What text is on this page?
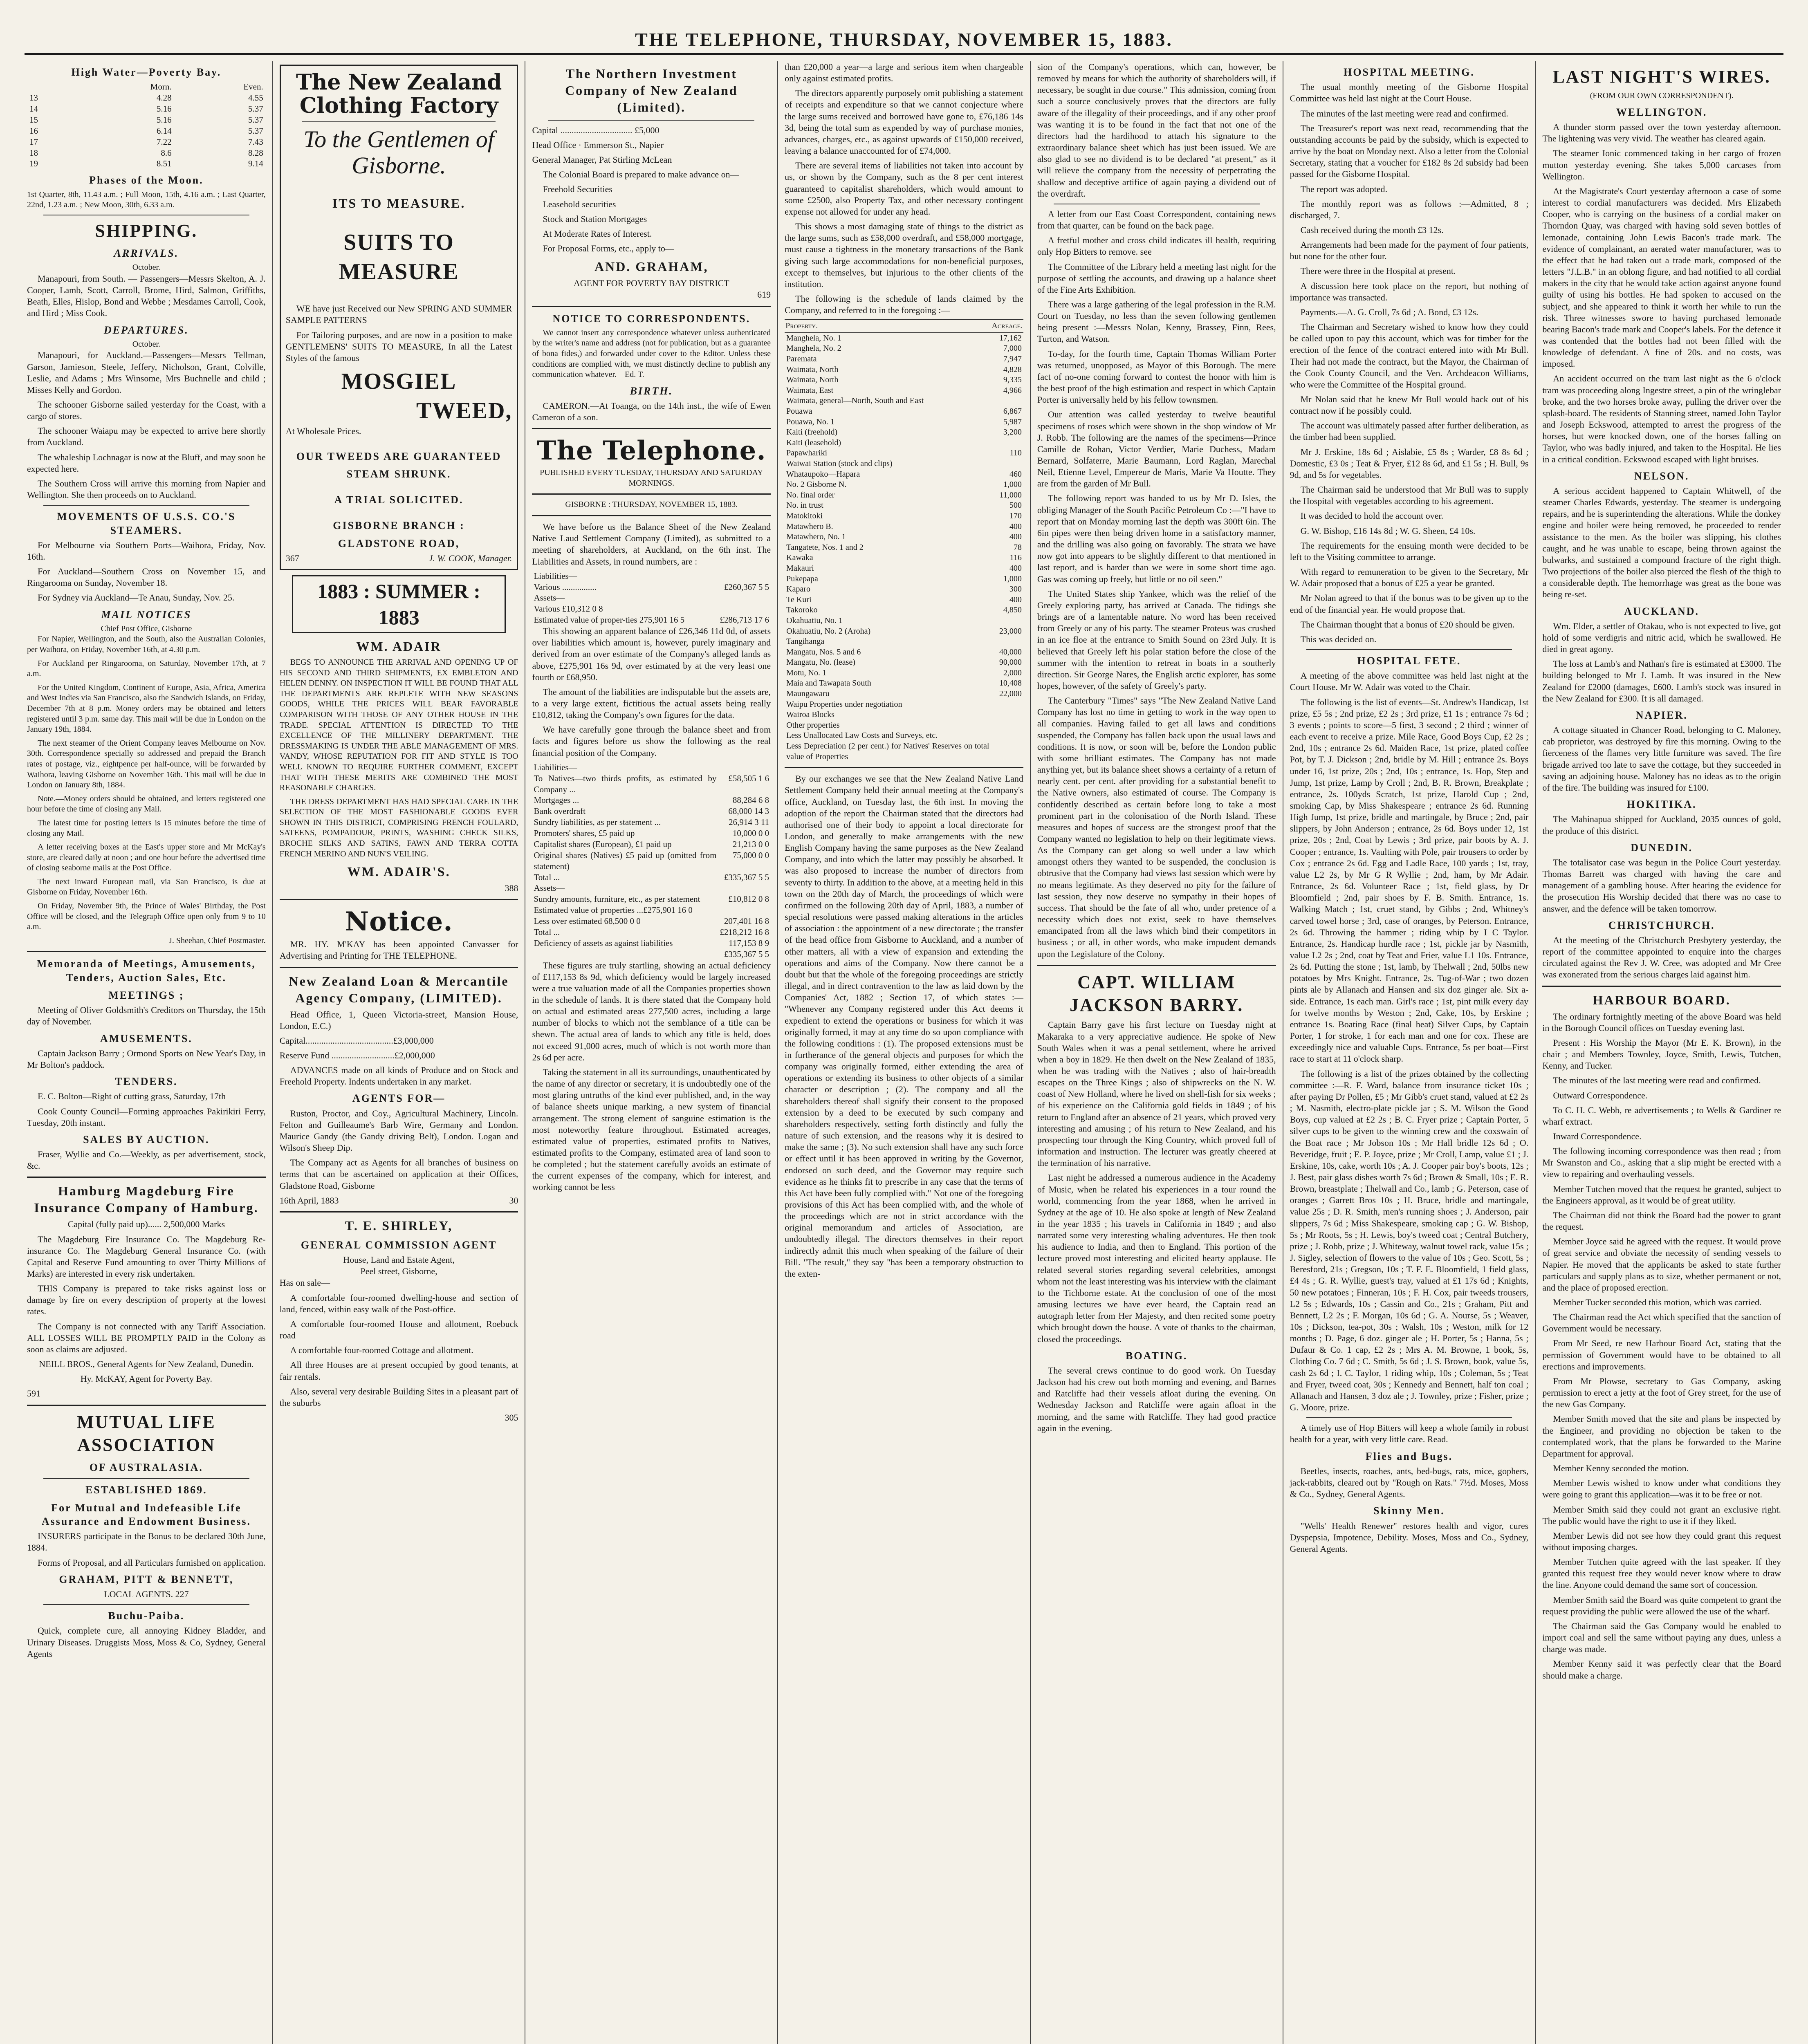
THE TELEPHONE, THURSDAY, NOVEMBER 15, 1883.
High Water—Poverty Bay.
	Morn.	Even.
13	4.28	4.55
14	5.16	5.37
15	5.16	5.37
16	6.14	5.37
17	7.22	7.43
18	8.6	8.28
19	8.51	9.14
Phases of the Moon.

1st Quarter, 8th, 11.43 a.m. ; Full Moon, 15th, 4.16 a.m. ; Last Quarter, 22nd, 1.23 a.m. ; New Moon, 30th, 6.33 a.m.

SHIPPING.
ARRIVALS.
October.

Manapouri, from South. — Passengers—Messrs Skelton, A. J. Cooper, Lamb, Scott, Carroll, Brome, Hird, Salmon, Griffiths, Beath, Elles, Hislop, Bond and Webbe ; Mesdames Carroll, Cook, and Hird ; Miss Cook.

DEPARTURES.
October.

Manapouri, for Auckland.—Passengers—Messrs Tellman, Garson, Jamieson, Steele, Jeffery, Nicholson, Grant, Colville, Leslie, and Adams ; Mrs Winsome, Mrs Buchnelle and child ; Misses Kelly and Gordon.

The schooner Gisborne sailed yesterday for the Coast, with a cargo of stores.

The schooner Waiapu may be expected to arrive here shortly from Auckland.

The whaleship Lochnagar is now at the Bluff, and may soon be expected here.

The Southern Cross will arrive this morning from Napier and Wellington. She then proceeds on to Auckland.

MOVEMENTS OF U.S.S. CO.'S STEAMERS.

For Melbourne via Southern Ports—Waihora, Friday, Nov. 16th.

For Auckland—Southern Cross on November 15, and Ringarooma on Sunday, November 18.

For Sydney via Auckland—Te Anau, Sunday, Nov. 25.

MAIL NOTICES
Chief Post Office, Gisborne

For Napier, Wellington, and the South, also the Australian Colonies, per Waihora, on Friday, November 16th, at 4.30 p.m.

For Auckland per Ringarooma, on Saturday, November 17th, at 7 a.m.

For the United Kingdom, Continent of Europe, Asia, Africa, America and West Indies via San Francisco, also the Sandwich Islands, on Friday, December 7th at 8 p.m. Money orders may be obtained and letters registered until 3 p.m. same day. This mail will be due in London on the January 19th, 1884.

The next steamer of the Orient Company leaves Melbourne on Nov. 30th. Correspondence specially so addressed and prepaid the Branch rates of postage, viz., eightpence per half-ounce, will be forwarded by Waihora, leaving Gisborne on November 16th. This mail will be due in London on January 8th, 1884.

Note.—Money orders should be obtained, and letters registered one hour before the time of closing any Mail.

The latest time for posting letters is 15 minutes before the time of closing any Mail.

A letter receiving boxes at the East's upper store and Mr McKay's store, are cleared daily at noon ; and one hour before the advertised time of closing seaborne mails at the Post Office.

The next inward European mail, via San Francisco, is due at Gisborne on Friday, November 16th.

On Friday, November 9th, the Prince of Wales' Birthday, the Post Office will be closed, and the Telegraph Office open only from 9 to 10 a.m.

J. Sheehan, Chief Postmaster.

Memoranda of Meetings, Amusements, Tenders, Auction Sales, Etc.
MEETINGS ;

Meeting of Oliver Goldsmith's Creditors on Thursday, the 15th day of November.

AMUSEMENTS.

Captain Jackson Barry ; Ormond Sports on New Year's Day, in Mr Bolton's paddock.

TENDERS.

E. C. Bolton—Right of cutting grass, Saturday, 17th

Cook County Council—Forming approaches Pakirikiri Ferry, Tuesday, 20th instant.

SALES BY AUCTION.

Fraser, Wyllie and Co.—Weekly, as per advertisement, stock, &c.

Hamburg Magdeburg Fire Insurance Company of Hamburg.

Capital (fully paid up)...... 2,500,000 Marks

The Magdeburg Fire Insurance Co. The Magdeburg Re-insurance Co. The Magdeburg General Insurance Co. (with Capital and Reserve Fund amounting to over Thirty Millions of Marks) are interested in every risk undertaken.

THIS Company is prepared to take risks against loss or damage by fire on every description of property at the lowest rates.

The Company is not connected with any Tariff Association. ALL LOSSES WILL BE PROMPTLY PAID in the Colony as soon as claims are adjusted.

NEILL BROS., General Agents for New Zealand, Dunedin.

Hy. McKAY, Agent for Poverty Bay.

591

MUTUAL LIFE ASSOCIATION
OF AUSTRALASIA.
ESTABLISHED 1869.
For Mutual and Indefeasible Life Assurance and Endowment Business.

INSURERS participate in the Bonus to be declared 30th June, 1884.

Forms of Proposal, and all Particulars furnished on application.

GRAHAM, PITT & BENNETT,
LOCAL AGENTS. 227
Buchu-Paiba.

Quick, complete cure, all annoying Kidney Bladder, and Urinary Diseases. Druggists Moss, Moss & Co, Sydney, General Agents

The New Zealand
Clothing Factory
To the Gentlemen of
Gisborne.
ITS TO MEASURE.
SUITS TO MEASURE

WE have just Received our New SPRING AND SUMMER SAMPLE PATTERNS

For Tailoring purposes, and are now in a position to make GENTLEMENS' SUITS TO MEASURE, In all the Latest Styles of the famous

MOSGIEL
TWEED,

At Wholesale Prices.

OUR TWEEDS ARE GUARANTEED
STEAM SHRUNK.
A TRIAL SOLICITED.
GISBORNE BRANCH :
GLADSTONE ROAD,
367	J. W. COOK, Manager.
1883 : SUMMER : 1883
WM. ADAIR

BEGS TO ANNOUNCE THE ARRIVAL AND OPENING UP OF HIS SECOND AND THIRD SHIPMENTS, EX EMBLETON AND HELEN DENNY. ON INSPECTION IT WILL BE FOUND THAT ALL THE DEPARTMENTS ARE REPLETE WITH NEW SEASONS GOODS, WHILE THE PRICES WILL BEAR FAVORABLE COMPARISON WITH THOSE OF ANY OTHER HOUSE IN THE TRADE. SPECIAL ATTENTION IS DIRECTED TO THE EXCELLENCE OF THE MILLINERY DEPARTMENT. THE DRESSMAKING IS UNDER THE ABLE MANAGEMENT OF MRS. VANDY, WHOSE REPUTATION FOR FIT AND STYLE IS TOO WELL KNOWN TO REQUIRE FURTHER COMMENT, EXCEPT THAT WITH THESE MERITS ARE COMBINED THE MOST REASONABLE CHARGES.

THE DRESS DEPARTMENT HAS HAD SPECIAL CARE IN THE SELECTION OF THE MOST FASHIONABLE GOODS EVER SHOWN IN THIS DISTRICT, COMPRISING FRENCH FOULARD, SATEENS, POMPADOUR, PRINTS, WASHING CHECK SILKS, BROCHE SILKS AND SATINS, FAWN AND TERRA COTTA FRENCH MERINO AND NUN'S VEILING.

WM. ADAIR'S.
388
Notice.

MR. HY. M'KAY has been appointed Canvasser for Advertising and Printing for THE TELEPHONE.

New Zealand Loan & Mercantile Agency Company, (LIMITED).

Head Office, 1, Queen Victoria-street, Mansion House, London, E.C.)

Capital.......................................£3,000,000

Reserve Fund ............................£2,000,000

ADVANCES made on all kinds of Produce and on Stock and Freehold Property. Indents undertaken in any market.

AGENTS FOR—

Ruston, Proctor, and Coy., Agricultural Machinery, Lincoln. Felton and Guilleaume's Barb Wire, Germany and London. Maurice Gandy (the Gandy driving Belt), London. Logan and Wilson's Sheep Dip.

The Company act as Agents for all branches of business on terms that can be ascertained on application at their Offices, Gladstone Road, Gisborne

16th April, 1883	30
T. E. SHIRLEY,
GENERAL COMMISSION AGENT
House, Land and Estate Agent,
Peel street, Gisborne,

Has on sale—

A comfortable four-roomed dwelling-house and section of land, fenced, within easy walk of the Post-office.

A comfortable four-roomed House and allotment, Roebuck road

A comfortable four-roomed Cottage and allotment.

All three Houses are at present occupied by good tenants, at fair rentals.

Also, several very desirable Building Sites in a pleasant part of the suburbs

305
The Northern Investment Company of New Zealand (Limited).

Capital ................................ £5,000

Head Office · Emmerson St., Napier

General Manager, Pat Stirling McLean

The Colonial Board is prepared to make advance on—

Freehold Securities

Leasehold securities

Stock and Station Mortgages

At Moderate Rates of Interest.

For Proposal Forms, etc., apply to—

AND. GRAHAM,
AGENT FOR POVERTY BAY DISTRICT
619
NOTICE TO CORRESPONDENTS.

We cannot insert any correspondence whatever unless authenticated by the writer's name and address (not for publication, but as a guarantee of bona fides,) and forwarded under cover to the Editor. Unless these conditions are complied with, we must distinctly decline to publish any communication whatever.—Ed. T.

BIRTH.

CAMERON.—At Toanga, on the 14th inst., the wife of Ewen Cameron of a son.

The Telephone.
PUBLISHED EVERY TUESDAY, THURSDAY AND SATURDAY MORNINGS.
GISBORNE : THURSDAY, NOVEMBER 15, 1883.

We have before us the Balance Sheet of the New Zealand Native Laud Settlement Company (Limited), as submitted to a meeting of shareholders, at Auckland, on the 6th inst. The Liabilities and Assets, in round numbers, are :

Liabilities—	
Various ................	£260,367 5 5
Assets—	
Various £10,312 0 8	
Estimated value of proper-ties 275,901 16 5	£286,713 17 6

This showing an apparent balance of £26,346 11d 0d, of assets over liabilities which amount is, however, purely imaginary and derived from an over estimate of the Company's alleged lands as above, £275,901 16s 9d, over estimated by at the very least one fourth or £68,950.

The amount of the liabilities are indisputable but the assets are, to a very large extent, fictitious the actual assets being really £10,812, taking the Company's own figures for the data.

We have carefully gone through the balance sheet and from facts and figures before us show the following as the real financial position of the Company.

Liabilities—	
To Natives—two thirds profits, as estimated by Company ...	£58,505 1 6
Mortgages ...	88,284 6 8
Bank overdraft	68,000 14 3
Sundry liabilities, as per statement ...	26,914 3 11
Promoters' shares, £5 paid up	10,000 0 0
Capitalist shares (European), £1 paid up	21,213 0 0
Original shares (Natives) £5 paid up (omitted from statement)	75,000 0 0
Total ...	£335,367 5 5
Assets—	
Sundry amounts, furniture, etc., as per statement	£10,812 0 8
Estimated value of properties ...£275,901 16 0	
Less over estimated 68,500 0 0	207,401 16 8
Total ...	£218,212 16 8
Deficiency of assets as against liabilities	117,153 8 9
	£335,367 5 5

These figures are truly startling, showing an actual deficiency of £117,153 8s 9d, which deficiency would be largely increased were a true valuation made of all the Companies properties shown in the schedule of lands. It is there stated that the Company hold on actual and estimated areas 277,500 acres, including a large number of blocks to which not the semblance of a title can be shewn. The actual area of lands to which any title is held, does not exceed 91,000 acres, much of which is not worth more than 2s 6d per acre.

Taking the statement in all its surroundings, unauthenticated by the name of any director or secretary, it is undoubtedly one of the most glaring untruths of the kind ever published, and, in the way of balance sheets unique marking, a new system of financial arrangement. The strong element of sanguine estimation is the most noteworthy feature throughout. Estimated acreages, estimated value of properties, estimated profits to Natives, estimated profits to the Company, estimated area of land soon to be completed ; but the statement carefully avoids an estimate of the current expenses of the company, which for interest, and working cannot be less

than £20,000 a year—a large and serious item when chargeable only against estimated profits.

The directors apparently purposely omit publishing a statement of receipts and expenditure so that we cannot conjecture where the large sums received and borrowed have gone to, £76,186 14s 3d, being the total sum as expended by way of purchase monies, advances, charges, etc., as against upwards of £150,000 received, leaving a balance unaccounted for of £74,000.

There are several items of liabilities not taken into account by us, or shown by the Company, such as the 8 per cent interest guaranteed to capitalist shareholders, which would amount to some £2500, also Property Tax, and other necessary contingent expense not allowed for under any head.

This shows a most damaging state of things to the district as the large sums, such as £58,000 overdraft, and £58,000 mortgage, must cause a tightness in the monetary transactions of the Bank giving such large accommodations for non-beneficial purposes, except to themselves, but injurious to the other clients of the institution.

The following is the schedule of lands claimed by the Company, and referred to in the foregoing :—

Property.	Acreage.
Manghela, No. 1	17,162
Manghela, No. 2	7,000
Paremata	7,947
Waimata, North	4,828
Waimata, North	9,335
Waimata, East	4,966
Waimata, general—North, South and East	
Pouawa	6,867
Pouawa, No. 1	5,987
Kaiti (freehold)	3,200
Kaiti (leasehold)	
Papawhariki	110
Waiwai Station (stock and clips)	
Whataupoko—Hapara	460
No. 2 Gisborne N.	1,000
No. final order	11,000
No. in trust	500
Matokitoki	170
Matawhero B.	400
Matawhero, No. 1	400
Tangatete, Nos. 1 and 2	78
Kawaka	116
Makauri	400
Pukepapa	1,000
Kaparo	300
Te Kuri	400
Takoroko	4,850
Okahuatiu, No. 1	
Okahuatiu, No. 2 (Aroha)	23,000
Tangihanga	
Mangatu, Nos. 5 and 6	40,000
Mangatu, No. (lease)	90,000
Motu, No. 1	2,000
Maia and Tawapata South	10,408
Maungawaru	22,000
Waipu Properties under negotiation	
Wairoa Blocks	
Other properties	
Less Unallocated Law Costs and Surveys, etc.	
Less Depreciation (2 per cent.) for Natives' Reserves on total value of Properties	

By our exchanges we see that the New Zealand Native Land Settlement Company held their annual meeting at the Company's office, Auckland, on Tuesday last, the 6th inst. In moving the adoption of the report the Chairman stated that the directors had authorised one of their body to appoint a local directorate for London, and generally to make arrangements with the new English Company having the same purposes as the New Zealand Company, and into which the latter may possibly be absorbed. It was also proposed to increase the number of directors from seventy to thirty. In addition to the above, at a meeting held in this town on the 20th day of March, the proceedings of which were confirmed on the following 20th day of April, 1883, a number of special resolutions were passed making alterations in the articles of association : the appointment of a new directorate ; the transfer of the head office from Gisborne to Auckland, and a number of other matters, all with a view of expansion and extending the operations and aims of the Company. Now there cannot be a doubt but that the whole of the foregoing proceedings are strictly illegal, and in direct contravention to the law as laid down by the Companies' Act, 1882 ; Section 17, of which states :— "Whenever any Company registered under this Act deems it expedient to extend the operations or business for which it was originally formed, it may at any time do so upon compliance with the following conditions : (1). The proposed extensions must be in furtherance of the general objects and purposes for which the company was originally formed, either extending the area of operations or extending its business to other objects of a similar character or description ; (2). The company and all the shareholders thereof shall signify their consent to the proposed extension by a deed to be executed by such company and shareholders respectively, setting forth distinctly and fully the nature of such extension, and the reasons why it is desired to make the same ; (3). No such extension shall have any such force or effect until it has been approved in writing by the Governor, endorsed on such deed, and the Governor may require such evidence as he thinks fit to prescribe in any case that the terms of this Act have been fully complied with." Not one of the foregoing provisions of this Act has been complied with, and the whole of the proceedings which are not in strict accordance with the original memorandum and articles of Association, are undoubtedly illegal. The directors themselves in their report indirectly admit this much when speaking of the failure of their Bill. "The result," they say "has been a temporary obstruction to the exten-

sion of the Company's operations, which can, however, be removed by means for which the authority of shareholders will, if necessary, be sought in due course." This admission, coming from such a source conclusively proves that the directors are fully aware of the illegality of their proceedings, and if any other proof was wanting it is to be found in the fact that not one of the directors had the hardihood to attach his signature to the extraordinary balance sheet which has just been issued. We are also glad to see no dividend is to be declared "at present," as it will relieve the company from the necessity of perpetrating the shallow and deceptive artifice of again paying a dividend out of the overdraft.

A letter from our East Coast Correspondent, containing news from that quarter, can be found on the back page.

A fretful mother and cross child indicates ill health, requiring only Hop Bitters to remove. see

The Committee of the Library held a meeting last night for the purpose of settling the accounts, and drawing up a balance sheet of the Fine Arts Exhibition.

There was a large gathering of the legal profession in the R.M. Court on Tuesday, no less than the seven following gentlemen being present :—Messrs Nolan, Kenny, Brassey, Finn, Rees, Turton, and Watson.

To-day, for the fourth time, Captain Thomas William Porter was returned, unopposed, as Mayor of this Borough. The mere fact of no-one coming forward to contest the honor with him is the best proof of the high estimation and respect in which Captain Porter is universally held by his fellow townsmen.

Our attention was called yesterday to twelve beautiful specimens of roses which were shown in the shop window of Mr J. Robb. The following are the names of the specimens—Prince Camille de Rohan, Victor Verdier, Marie Duchess, Madam Bernard, Solfaterre, Marie Baumann, Lord Raglan, Marechal Neil, Etienne Level, Empereur de Maris, Marie Va Houtte. They are from the garden of Mr Bull.

The following report was handed to us by Mr D. Isles, the obliging Manager of the South Pacific Petroleum Co :—"I have to report that on Monday morning last the depth was 300ft 6in. The 6in pipes were then being driven home in a satisfactory manner, and the drilling was also going on favorably. The strata we have now got into appears to be slightly different to that mentioned in last report, and is harder than we were in some short time ago. Gas was coming up freely, but little or no oil seen."

The United States ship Yankee, which was the relief of the Greely exploring party, has arrived at Canada. The tidings she brings are of a lamentable nature. No word has been received from Greely or any of his party. The steamer Proteus was crushed in an ice floe at the entrance to Smith Sound on 23rd July. It is believed that Greely left his polar station before the close of the summer with the intention to retreat in boats in a southerly direction. Sir George Nares, the English arctic explorer, has some hopes, however, of the safety of Greely's party.

The Canterbury "Times" says "The New Zealand Native Land Company has lost no time in getting to work in the way open to all companies. Having failed to get all laws and conditions suspended, the Company has fallen back upon the usual laws and conditions. It is now, or soon will be, before the London public with some brilliant estimates. The Company has not made anything yet, but its balance sheet shows a certainty of a return of nearly cent. per cent. after providing for a substantial benefit to the Native owners, also estimated of course. The Company is confidently described as certain before long to take a most prominent part in the colonisation of the North Island. These measures and hopes of success are the strongest proof that the Company wanted no legislation to help on their legitimate views. As the Company can get along so well under a law which amongst others they wanted to be suspended, the conclusion is obtrusive that the Company had views last session which were by no means legitimate. As they deserved no pity for the failure of last session, they now deserve no sympathy in their hopes of success. That should be the fate of all who, under pretence of a necessity which does not exist, seek to have themselves emancipated from all the laws which bind their competitors in business ; or all, in other words, who make impudent demands upon the Legislature of the Colony.

CAPT. WILLIAM JACKSON BARRY.

Captain Barry gave his first lecture on Tuesday night at Makaraka to a very appreciative audience. He spoke of New South Wales when it was a penal settlement, where he arrived when a boy in 1829. He then dwelt on the New Zealand of 1835, when he was trading with the Natives ; also of hair-breadth escapes on the Three Kings ; also of shipwrecks on the N. W. coast of New Holland, where he lived on shell-fish for six weeks ; of his experience on the California gold fields in 1849 ; of his return to England after an absence of 21 years, which proved very interesting and amusing ; of his return to New Zealand, and his prospecting tour through the King Country, which proved full of information and instruction. The lecturer was greatly cheered at the termination of his narrative.

Last night he addressed a numerous audience in the Academy of Music, when he related his experiences in a tour round the world, commencing from the year 1868, when he arrived in Sydney at the age of 10. He also spoke at length of New Zealand in the year 1835 ; his travels in California in 1849 ; and also narrated some very interesting whaling adventures. He then took his audience to India, and then to England. This portion of the lecture proved most interesting and elicited hearty applause. He related several stories regarding several celebrities, amongst whom not the least interesting was his interview with the claimant to the Tichborne estate. At the conclusion of one of the most amusing lectures we have ever heard, the Captain read an autograph letter from Her Majesty, and then recited some poetry which brought down the house. A vote of thanks to the chairman, closed the proceedings.

BOATING.

The several crews continue to do good work. On Tuesday Jackson had his crew out both morning and evening, and Barnes and Ratcliffe had their vessels afloat during the evening. On Wednesday Jackson and Ratcliffe were again afloat in the morning, and the same with Ratcliffe. They had good practice again in the evening.

HOSPITAL MEETING.

The usual monthly meeting of the Gisborne Hospital Committee was held last night at the Court House.

The minutes of the last meeting were read and confirmed.

The Treasurer's report was next read, recommending that the outstanding accounts be paid by the subsidy, which is expected to arrive by the boat on Monday next. Also a letter from the Colonial Secretary, stating that a voucher for £182 8s 2d subsidy had been passed for the Gisborne Hospital.

The report was adopted.

The monthly report was as follows :—Admitted, 8 ; discharged, 7.

Cash received during the month £3 12s.

Arrangements had been made for the payment of four patients, but none for the other four.

There were three in the Hospital at present.

A discussion here took place on the report, but nothing of importance was transacted.

Payments.—A. G. Croll, 7s 6d ; A. Bond, £3 12s.

The Chairman and Secretary wished to know how they could be called upon to pay this account, which was for timber for the erection of the fence of the contract entered into with Mr Bull. Their had not made the contract, but the Mayor, the Chairman of the Cook County Council, and the Ven. Archdeacon Williams, who were the Committee of the Hospital ground.

Mr Nolan said that he knew Mr Bull would back out of his contract now if he possibly could.

The account was ultimately passed after further deliberation, as the timber had been supplied.

Mr J. Erskine, 18s 6d ; Aislabie, £5 8s ; Warder, £8 8s 6d ; Domestic, £3 0s ; Teat & Fryer, £12 8s 6d, and £1 5s ; H. Bull, 9s 9d, and 5s for vegetables.

The Chairman said he understood that Mr Bull was to supply the Hospital with vegetables according to his agreement.

It was decided to hold the account over.

G. W. Bishop, £16 14s 8d ; W. G. Sheen, £4 10s.

The requirements for the ensuing month were decided to be left to the Visiting committee to arrange.

With regard to remuneration to be given to the Secretary, Mr W. Adair proposed that a bonus of £25 a year be granted.

Mr Nolan agreed to that if the bonus was to be given up to the end of the financial year. He would propose that.

The Chairman thought that a bonus of £20 should be given.

This was decided on.

HOSPITAL FETE.

A meeting of the above committee was held last night at the Court House. Mr W. Adair was voted to the Chair.

The following is the list of events—St. Andrew's Handicap, 1st prize, £5 5s ; 2nd prize, £2 2s ; 3rd prize, £1 1s ; entrance 7s 6d ; 3 events ; points to score—5 first, 3 second ; 2 third ; winner of each event to receive a prize. Mile Race, Good Boys Cup, £2 2s ; 2nd, 10s ; entrance 2s 6d. Maiden Race, 1st prize, plated coffee Pot, by T. J. Dickson ; 2nd, bridle by M. Hill ; entrance 2s. Boys under 16, 1st prize, 20s ; 2nd, 10s ; entrance, 1s. Hop, Step and Jump, 1st prize, Lamp by Croll ; 2nd, B. R. Brown, Breakplate ; entrance, 2s. 100yds Scratch, 1st prize, Harold Cup ; 2nd, smoking Cap, by Miss Shakespeare ; entrance 2s 6d. Running High Jump, 1st prize, bridle and martingale, by Bruce ; 2nd, pair slippers, by John Anderson ; entrance, 2s 6d. Boys under 12, 1st prize, 20s ; 2nd, Coat by Lewis ; 3rd prize, pair boots by A. J. Cooper ; entrance, 1s. Vaulting with Pole, pair trousers to order by Cox ; entrance 2s 6d. Egg and Ladle Race, 100 yards ; 1st, tray, value L2 2s, by Mr G R Wyllie ; 2nd, ham, by Mr Adair. Entrance, 2s 6d. Volunteer Race ; 1st, field glass, by Dr Bloomfield ; 2nd, pair shoes by F. B. Smith. Entrance, 1s. Walking Match ; 1st, cruet stand, by Gibbs ; 2nd, Whitney's carved towel horse ; 3rd, case of oranges, by Peterson. Entrance, 2s 6d. Throwing the hammer ; riding whip by I C Taylor. Entrance, 2s. Handicap hurdle race ; 1st, pickle jar by Nasmith, value L2 2s ; 2nd, coat by Teat and Frier, value L1 10s. Entrance, 2s 6d. Putting the stone ; 1st, lamb, by Thelwall ; 2nd, 50lbs new potatoes by Mrs Knight. Entrance, 2s. Tug-of-War ; two dozen pints ale by Allanach and Hansen and six doz ginger ale. Six a-side. Entrance, 1s each man. Girl's race ; 1st, pint milk every day for twelve months by Weston ; 2nd, Cake, 10s, by Erskine ; entrance 1s. Boating Race (final heat) Silver Cups, by Captain Porter, 1 for stroke, 1 for each man and one for cox. These are exceedingly nice and valuable Cups. Entrance, 5s per boat—First race to start at 11 o'clock sharp.

The following is a list of the prizes obtained by the collecting committee :—R. F. Ward, balance from insurance ticket 10s ; after paying Dr Pollen, £5 ; Mr Gibb's cruet stand, valued at £2 2s ; M. Nasmith, electro-plate pickle jar ; S. M. Wilson the Good Boys, cup valued at £2 2s ; B. C. Fryer prize ; Captain Porter, 5 silver cups to be given to the winning crew and the coxswain of the Boat race ; Mr Jobson 10s ; Mr Hall bridle 12s 6d ; O. Beveridge, fruit ; E. P. Joyce, prize ; Mr Croll, Lamp, value £1 ; J. Erskine, 10s, cake, worth 10s ; A. J. Cooper pair boy's boots, 12s ; J. Best, pair glass dishes worth 7s 6d ; Brown & Small, 10s ; E. R. Brown, breastplate ; Thelwall and Co., lamb ; G. Peterson, case of oranges ; Garrett Bros 10s ; H. Bruce, bridle and martingale, value 25s ; D. R. Smith, men's running shoes ; J. Anderson, pair slippers, 7s 6d ; Miss Shakespeare, smoking cap ; G. W. Bishop, 5s ; Mr Roots, 5s ; H. Lewis, boy's tweed coat ; Central Butchery, prize ; J. Robb, prize ; J. Whiteway, walnut towel rack, value 15s ; J. Sigley, selection of flowers to the value of 10s ; Geo. Scott, 5s ; Beresford, 21s ; Gregson, 10s ; T. F. E. Bloomfield, 1 field glass, £4 4s ; G. R. Wyllie, guest's tray, valued at £1 17s 6d ; Knights, 50 new potatoes ; Finneran, 10s ; F. H. Cox, pair tweeds trousers, L2 5s ; Edwards, 10s ; Cassin and Co., 21s ; Graham, Pitt and Bennett, L2 2s ; F. Morgan, 10s 6d ; G. A. Nourse, 5s ; Weaver, 10s ; Dickson, tea-pot, 30s ; Walsh, 10s ; Weston, milk for 12 months ; D. Page, 6 doz. ginger ale ; H. Porter, 5s ; Hanna, 5s ; Dufaur & Co. 1 cap, £2 2s ; Mrs A. M. Browne, 1 book, 5s, Clothing Co. 7 6d ; C. Smith, 5s 6d ; J. S. Brown, book, value 5s, cash 2s 6d ; I. C. Taylor, 1 riding whip, 10s ; Coleman, 5s ; Teat and Fryer, tweed coat, 30s ; Kennedy and Bennett, half ton coal ; Allanach and Hansen, 3 doz ale ; J. Townley, prize ; Fisher, prize ; G. Moore, prize.

A timely use of Hop Bitters will keep a whole family in robust health for a year, with very little care. Read.

Flies and Bugs.

Beetles, insects, roaches, ants, bed-bugs, rats, mice, gophers, jack-rabbits, cleared out by "Rough on Rats." 7½d. Moses, Moss & Co., Sydney, General Agents.

Skinny Men.

"Wells' Health Renewer" restores health and vigor, cures Dyspepsia, Impotence, Debility. Moses, Moss and Co., Sydney, General Agents.

LAST NIGHT'S WIRES.
(FROM OUR OWN CORRESPONDENT).
WELLINGTON.

A thunder storm passed over the town yesterday afternoon. The lightening was very vivid. The weather has cleared again.

The steamer Ionic commenced taking in her cargo of frozen mutton yesterday evening. She takes 5,000 carcases from Wellington.

At the Magistrate's Court yesterday afternoon a case of some interest to cordial manufacturers was decided. Mrs Elizabeth Cooper, who is carrying on the business of a cordial maker on Thorndon Quay, was charged with having sold seven bottles of lemonade, containing John Lewis Bacon's trade mark. The evidence of complainant, an aerated water manufacturer, was to the effect that he had taken out a trade mark, composed of the letters "J.L.B." in an oblong figure, and had notified to all cordial makers in the city that he would take action against anyone found guilty of using his bottles. He had spoken to accused on the subject, and she appeared to think it worth her while to run the risk. Three witnesses swore to having purchased lemonade bearing Bacon's trade mark and Cooper's labels. For the defence it was contended that the bottles had not been filled with the knowledge of defendant. A fine of 20s. and no costs, was imposed.

An accident occurred on the tram last night as the 6 o'clock tram was proceeding along Ingestre street, a pin of the wringlebar broke, and the two horses broke away, pulling the driver over the splash-board. The residents of Stanning street, named John Taylor and Joseph Eckswood, attempted to arrest the progress of the horses, but were knocked down, one of the horses falling on Taylor, who was badly injured, and taken to the Hospital. He lies in a critical condition. Eckswood escaped with light bruises.

NELSON.

A serious accident happened to Captain Whitwell, of the steamer Charles Edwards, yesterday. The steamer is undergoing repairs, and he is superintending the alterations. While the donkey engine and boiler were being removed, he proceeded to render assistance to the men. As the boiler was slipping, his clothes caught, and he was unable to escape, being thrown against the bulwarks, and sustained a compound fracture of the right thigh. Two projections of the boiler also pierced the flesh of the thigh to a considerable depth. The hemorrhage was great as the bone was being re-set.

AUCKLAND.

Wm. Elder, a settler of Otakau, who is not expected to live, got hold of some verdigris and nitric acid, which he swallowed. He died in great agony.

The loss at Lamb's and Nathan's fire is estimated at £3000. The building belonged to Mr J. Lamb. It was insured in the New Zealand for £2000 (damages, £600. Lamb's stock was insured in the New Zealand for £300. It is all damaged.

NAPIER.

A cottage situated in Chancer Road, belonging to C. Maloney, cab proprietor, was destroyed by fire this morning. Owing to the fierceness of the flames very little furniture was saved. The fire brigade arrived too late to save the cottage, but they succeeded in saving an adjoining house. Maloney has no ideas as to the origin of the fire. The building was insured for £100.

HOKITIKA.

The Mahinapua shipped for Auckland, 2035 ounces of gold, the produce of this district.

DUNEDIN.

The totalisator case was begun in the Police Court yesterday. Thomas Barrett was charged with having the care and management of a gambling house. After hearing the evidence for the prosecution His Worship decided that there was no case to answer, and the defence will be taken tomorrow.

CHRISTCHURCH.

At the meeting of the Christchurch Presbytery yesterday, the report of the committee appointed to enquire into the charges circulated against the Rev J. W. Cree, was adopted and Mr Cree was exonerated from the serious charges laid against him.

HARBOUR BOARD.

The ordinary fortnightly meeting of the above Board was held in the Borough Council offices on Tuesday evening last.

Present : His Worship the Mayor (Mr E. K. Brown), in the chair ; and Members Townley, Joyce, Smith, Lewis, Tutchen, Kenny, and Tucker.

The minutes of the last meeting were read and confirmed.

Outward Correspondence.

To C. H. C. Webb, re advertisements ; to Wells & Gardiner re wharf extract.

Inward Correspondence.

The following incoming correspondence was then read ; from Mr Swanston and Co., asking that a slip might be erected with a view to repairing and overhauling vessels.

Member Tutchen moved that the request be granted, subject to the Engineers approval, as it would be of great utility.

The Chairman did not think the Board had the power to grant the request.

Member Joyce said he agreed with the request. It would prove of great service and obviate the necessity of sending vessels to Napier. He moved that the applicants be asked to state further particulars and supply plans as to size, whether permanent or not, and the place of proposed erection.

Member Tucker seconded this motion, which was carried.

The Chairman read the Act which specified that the sanction of Government would be necessary.

From Mr Seed, re new Harbour Board Act, stating that the permission of Government would have to be obtained to all erections and improvements.

From Mr Plowse, secretary to Gas Company, asking permission to erect a jetty at the foot of Grey street, for the use of the new Gas Company.

Member Smith moved that the site and plans be inspected by the Engineer, and providing no objection be taken to the contemplated work, that the plans be forwarded to the Marine Department for approval.

Member Kenny seconded the motion.

Member Lewis wished to know under what conditions they were going to grant this application—was it to be free or not.

Member Smith said they could not grant an exclusive right. The public would have the right to use it if they liked.

Member Lewis did not see how they could grant this request without imposing charges.

Member Tutchen quite agreed with the last speaker. If they granted this request free they would never know where to draw the line. Anyone could demand the same sort of concession.

Member Smith said the Board was quite competent to grant the request providing the public were allowed the use of the wharf.

The Chairman said the Gas Company would be enabled to import coal and sell the same without paying any dues, unless a charge was made.

Member Kenny said it was perfectly clear that the Board should make a charge.
